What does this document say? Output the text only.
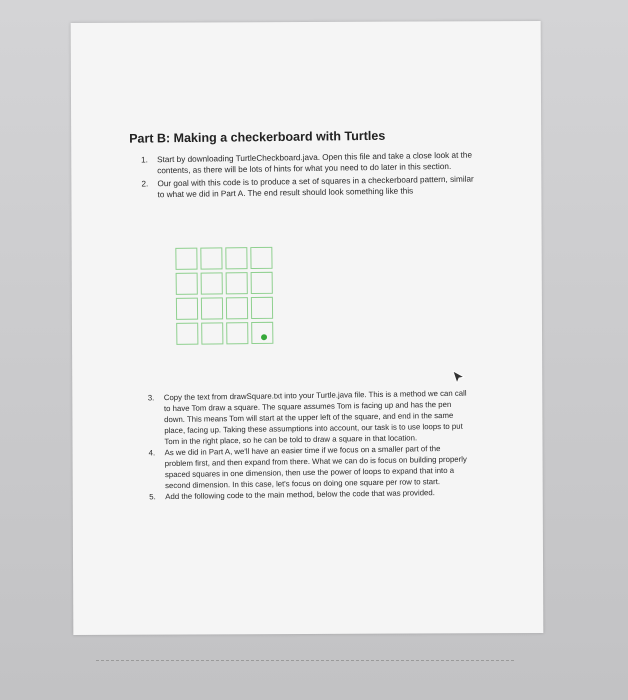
Part B: Making a checkerboard with Turtles
1. Start by downloading TurtleCheckboard.java. Open this file and take a close look at the contents, as there will be lots of hints for what you need to do later in this section.
2. Our goal with this code is to produce a set of squares in a checkerboard pattern, similar to what we did in Part A. The end result should look something like this
3. Copy the text from drawSquare.txt into your Turtle.java file. This is a method we can call to have Tom draw a square. The square assumes Tom is facing up and has the pen down. This means Tom will start at the upper left of the square, and end in the same place, facing up. Taking these assumptions into account, our task is to use loops to put Tom in the right place, so he can be told to draw a square in that location.
4. As we did in Part A, we'll have an easier time if we focus on a smaller part of the problem first, and then expand from there. What we can do is focus on building properly spaced squares in one dimension, then use the power of loops to expand that into a second dimension. In this case, let's focus on doing one square per row to start.
5. Add the following code to the main method, below the code that was provided.
